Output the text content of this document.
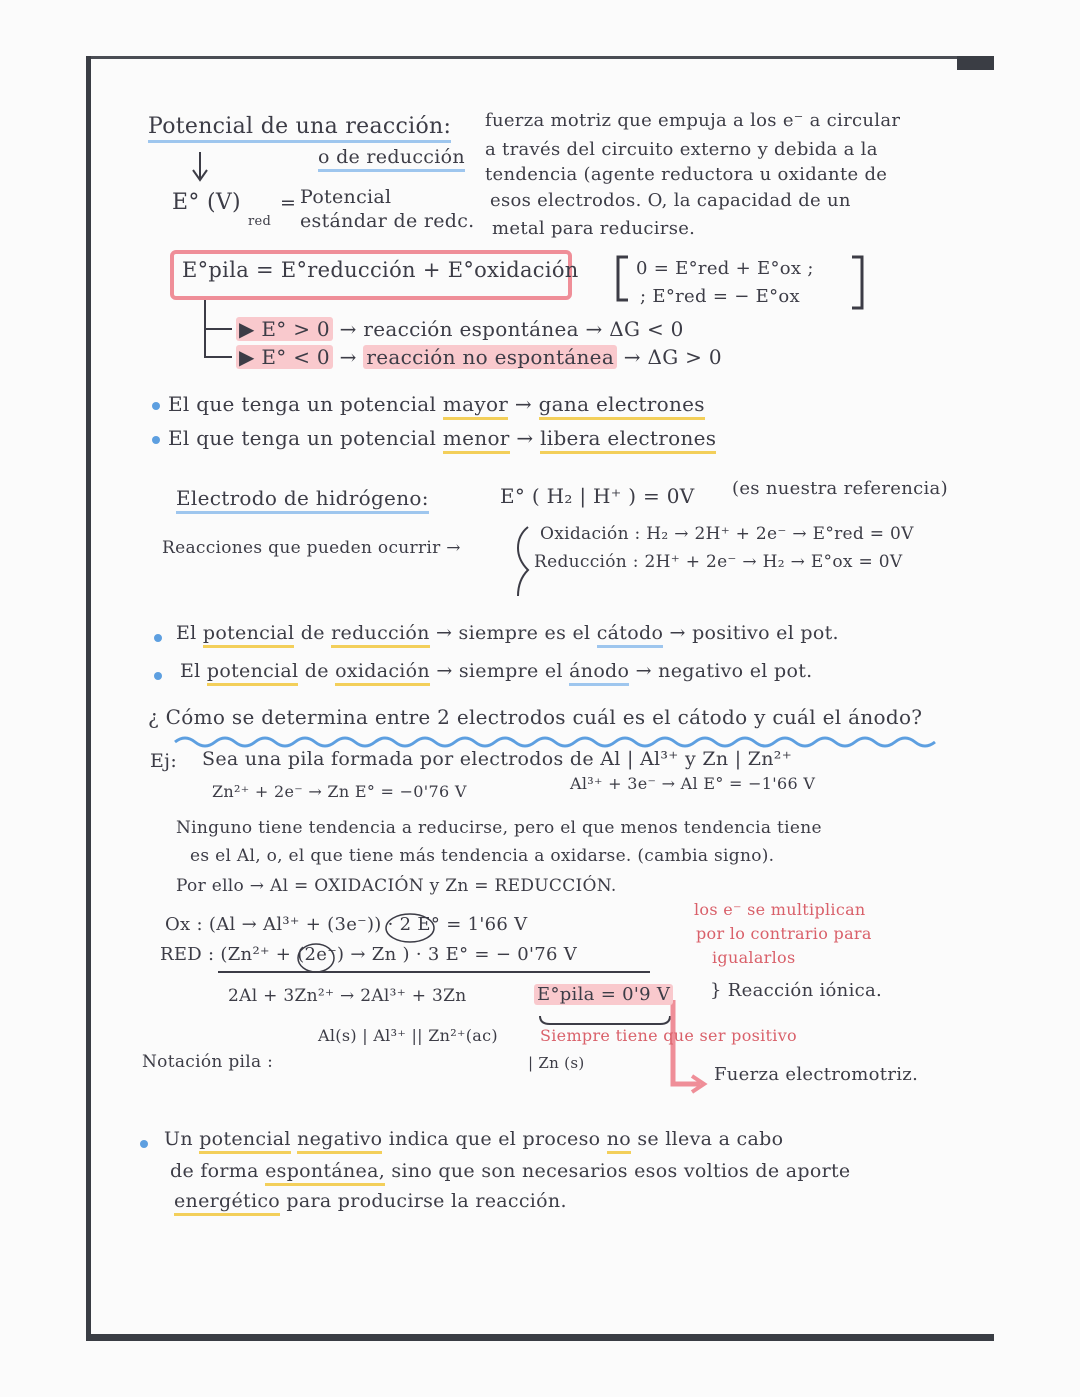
Potencial de una reacción:
o de reducción
fuerza motriz que empuja a los e⁻ a circular
a través del circuito externo y debida a la
tendencia (agente reductora u oxidante de
esos electrodos. O, la capacidad de un
metal para reducirse.
E° (V)
red
= Potencial
estándar de redc.
E°pila = E°reducción + E°oxidación	0 = E°red + E°ox ;
; E°red = − E°ox
▶ E° > 0 → reacción espontánea → ΔG < 0
▶ E° < 0 → reacción no espontánea → ΔG > 0
El que tenga un potencial mayor → gana electrones
El que tenga un potencial menor → libera electrones
Electrodo de hidrógeno:	E° ( H₂ | H⁺ ) = 0V (es nuestra referencia)
Reacciones que pueden ocurrir →
Oxidación : H₂ → 2H⁺ + 2e⁻ → E°red = 0V
Reducción : 2H⁺ + 2e⁻ → H₂ → E°ox = 0V
El potencial de reducción → siempre es el cátodo → positivo el pot.
El potencial de oxidación → siempre el ánodo → negativo el pot.
¿ Cómo se determina entre 2 electrodos cuál es el cátodo y cuál el ánodo?
Ej: Sea una pila formada por electrodos de Al | Al³⁺ y Zn | Zn²⁺
Zn²⁺ + 2e⁻ → Zn E° = −0'76 V	Al³⁺ + 3e⁻ → Al E° = −1'66 V
Ninguno tiene tendencia a reducirse, pero el que menos tendencia tiene
es el Al, o, el que tiene más tendencia a oxidarse. (cambia signo).
Por ello → Al = OXIDACIÓN y Zn = REDUCCIÓN.
Ox : (Al → Al³⁺ + (3e⁻)) · 2 E° = 1'66 V
RED : (Zn²⁺ + (2e⁻) → Zn ) · 3 E° = − 0'76 V
los e⁻ se multiplican
por lo contrario para
igualarlos
2Al + 3Zn²⁺ → 2Al³⁺ + 3Zn	E°pila = 0'9 V } Reacción iónica.
Siempre tiene que ser positivo
Notación pila :
Al(s) | Al³⁺ || Zn²⁺(ac)
| Zn (s)
Fuerza electromotriz.
Un potencial negativo indica que el proceso no se lleva a cabo
de forma espontánea, sino que son necesarios esos voltios de aporte
energético para producirse la reacción.
